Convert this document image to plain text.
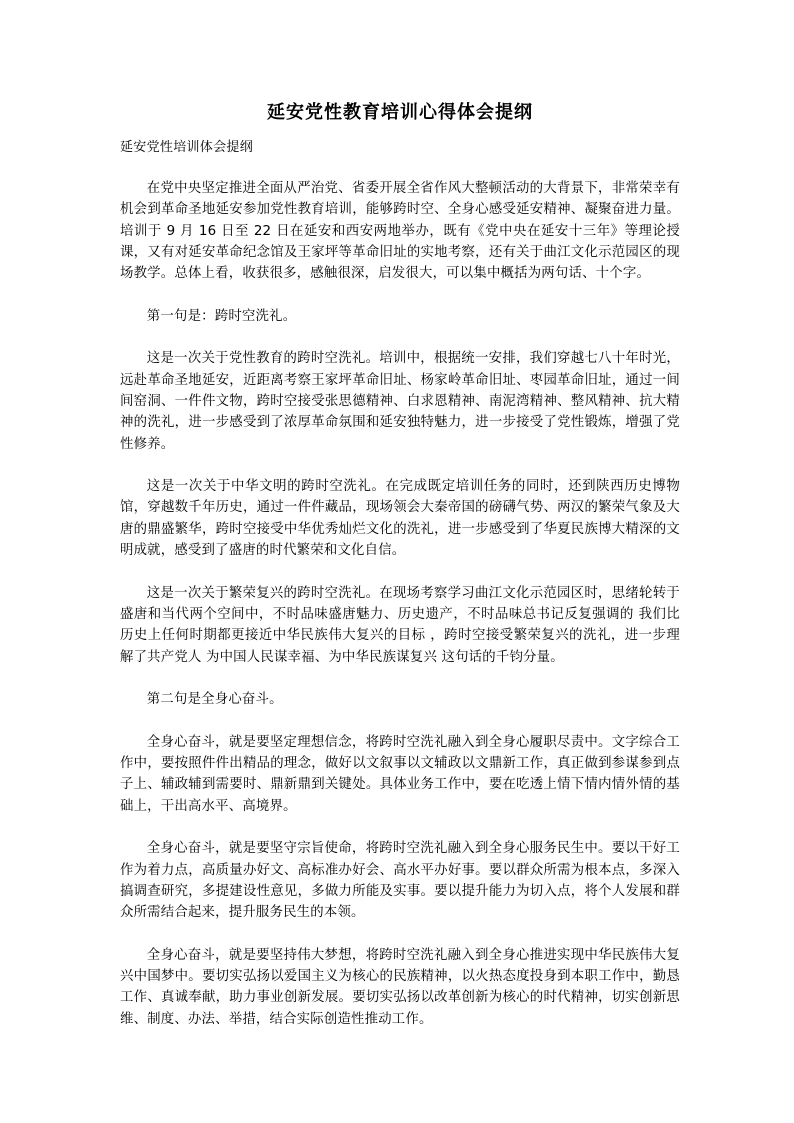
延安党性教育培训心得体会提纲
延安党性培训体会提纲

在党中央坚定推进全面从严治党、省委开展全省作风大整顿活动的大背景下，非常荣幸有机会到革命圣地延安参加党性教育培训，能够跨时空、全身心感受延安精神、凝聚奋进力量。培训于 9 月 16 日至 22 日在延安和西安两地举办，既有《党中央在延安十三年》等理论授课，又有对延安革命纪念馆及王家坪等革命旧址的实地考察，还有关于曲江文化示范园区的现场教学。总体上看，收获很多，感触很深，启发很大，可以集中概括为两句话、十个字。

第一句是：跨时空洗礼。

这是一次关于党性教育的跨时空洗礼。培训中，根据统一安排，我们穿越七八十年时光，远赴革命圣地延安，近距离考察王家坪革命旧址、杨家岭革命旧址、枣园革命旧址，通过一间间窑洞、一件件文物，跨时空接受张思德精神、白求恩精神、南泥湾精神、整风精神、抗大精神的洗礼，进一步感受到了浓厚革命氛围和延安独特魅力，进一步接受了党性锻炼，增强了党性修养。

这是一次关于中华文明的跨时空洗礼。在完成既定培训任务的同时，还到陕西历史博物馆，穿越数千年历史，通过一件件藏品，现场领会大秦帝国的磅礴气势、两汉的繁荣气象及大唐的鼎盛繁华，跨时空接受中华优秀灿烂文化的洗礼，进一步感受到了华夏民族博大精深的文明成就，感受到了盛唐的时代繁荣和文化自信。

这是一次关于繁荣复兴的跨时空洗礼。在现场考察学习曲江文化示范园区时，思绪轮转于盛唐和当代两个空间中，不时品味盛唐魅力、历史遗产，不时品味总书记反复强调的 我们比历史上任何时期都更接近中华民族伟大复兴的目标 ，跨时空接受繁荣复兴的洗礼，进一步理解了共产党人 为中国人民谋幸福、为中华民族谋复兴 这句话的千钧分量。

第二句是全身心奋斗。

全身心奋斗，就是要坚定理想信念，将跨时空洗礼融入到全身心履职尽责中。文字综合工作中，要按照件件出精品的理念，做好以文叙事以文辅政以文鼎新工作，真正做到参谋参到点子上、辅政辅到需要时、鼎新鼎到关键处。具体业务工作中，要在吃透上情下情内情外情的基础上，干出高水平、高境界。

全身心奋斗，就是要坚守宗旨使命，将跨时空洗礼融入到全身心服务民生中。要以干好工作为着力点，高质量办好文、高标准办好会、高水平办好事。要以群众所需为根本点，多深入搞调查研究，多提建设性意见，多做力所能及实事。要以提升能力为切入点，将个人发展和群众所需结合起来，提升服务民生的本领。

全身心奋斗，就是要坚持伟大梦想，将跨时空洗礼融入到全身心推进实现中华民族伟大复兴中国梦中。要切实弘扬以爱国主义为核心的民族精神，以火热态度投身到本职工作中，勤恳工作、真诚奉献，助力事业创新发展。要切实弘扬以改革创新为核心的时代精神，切实创新思维、制度、办法、举措，结合实际创造性推动工作。
